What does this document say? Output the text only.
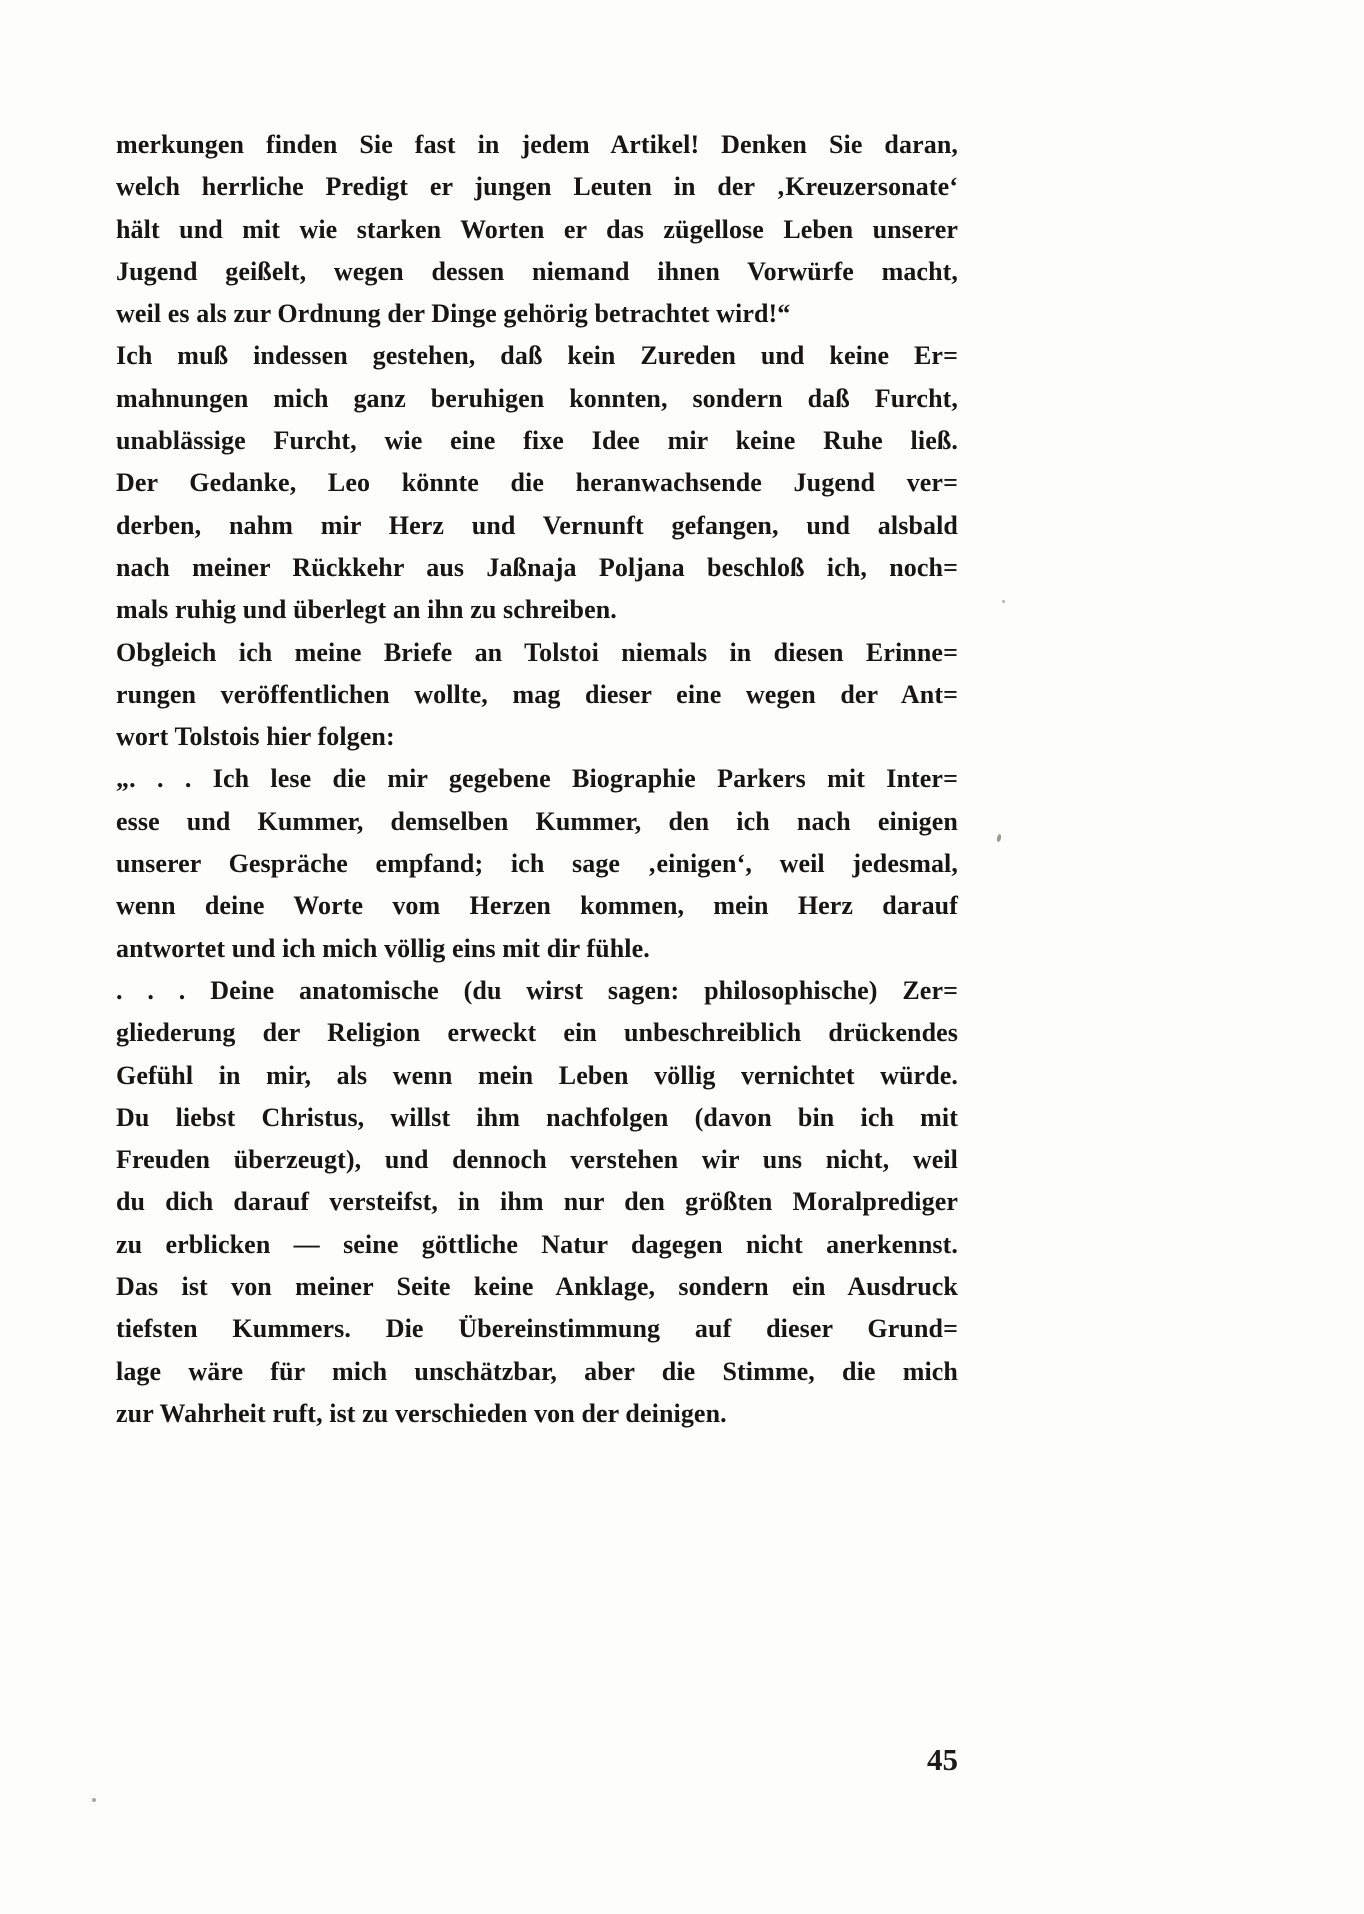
merkungen finden Sie fast in jedem Artikel! Denken Sie daran,
welch herrliche Predigt er jungen Leuten in der ‚Kreuzersonate‘
hält und mit wie starken Worten er das zügellose Leben unserer
Jugend geißelt, wegen dessen niemand ihnen Vorwürfe macht,
weil es als zur Ordnung der Dinge gehörig betrachtet wird!“
Ich muß indessen gestehen, daß kein Zureden und keine Er=
mahnungen mich ganz beruhigen konnten, sondern daß Furcht,
unablässige Furcht, wie eine fixe Idee mir keine Ruhe ließ.
Der Gedanke, Leo könnte die heranwachsende Jugend ver=
derben, nahm mir Herz und Vernunft gefangen, und alsbald
nach meiner Rückkehr aus Jaßnaja Poljana beschloß ich, noch=
mals ruhig und überlegt an ihn zu schreiben.
Obgleich ich meine Briefe an Tolstoi niemals in diesen Erinne=
rungen veröffentlichen wollte, mag dieser eine wegen der Ant=
wort Tolstois hier folgen:
„. . . Ich lese die mir gegebene Biographie Parkers mit Inter=
esse und Kummer, demselben Kummer, den ich nach einigen
unserer Gespräche empfand; ich sage ‚einigen‘, weil jedesmal,
wenn deine Worte vom Herzen kommen, mein Herz darauf
antwortet und ich mich völlig eins mit dir fühle.
. . . Deine anatomische (du wirst sagen: philosophische) Zer=
gliederung der Religion erweckt ein unbeschreiblich drückendes
Gefühl in mir, als wenn mein Leben völlig vernichtet würde.
Du liebst Christus, willst ihm nachfolgen (davon bin ich mit
Freuden überzeugt), und dennoch verstehen wir uns nicht, weil
du dich darauf versteifst, in ihm nur den größten Moralprediger
zu erblicken — seine göttliche Natur dagegen nicht anerkennst.
Das ist von meiner Seite keine Anklage, sondern ein Ausdruck
tiefsten Kummers. Die Übereinstimmung auf dieser Grund=
lage wäre für mich unschätzbar, aber die Stimme, die mich
zur Wahrheit ruft, ist zu verschieden von der deinigen.
45
